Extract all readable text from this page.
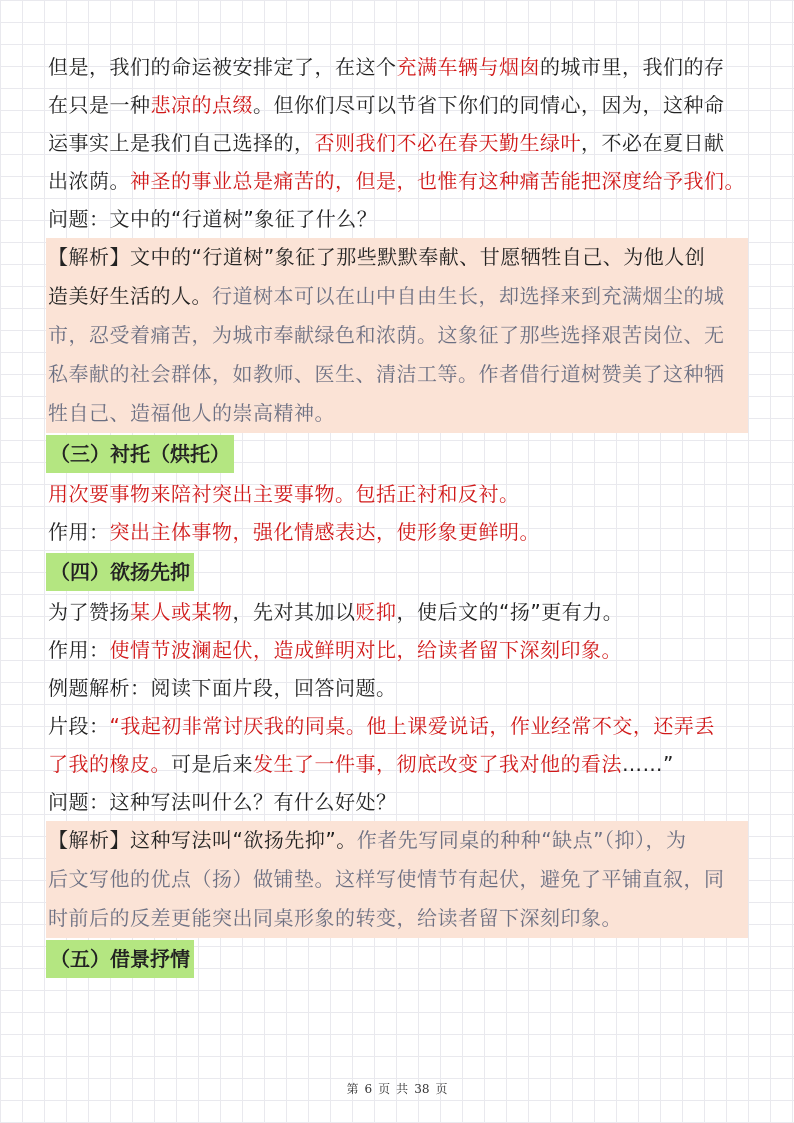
但是，我们的命运被安排定了，在这个充满车辆与烟囱的城市里，我们的存
在只是一种悲凉的点缀。但你们尽可以节省下你们的同情心，因为，这种命
运事实上是我们自己选择的，否则我们不必在春天勤生绿叶，不必在夏日献
出浓荫。神圣的事业总是痛苦的，但是，也惟有这种痛苦能把深度给予我们。
问题：文中的“行道树”象征了什么？
【解析】文中的“行道树”象征了那些默默奉献、甘愿牺牲自己、为他人创
造美好生活的人。行道树本可以在山中自由生长，却选择来到充满烟尘的城
市，忍受着痛苦，为城市奉献绿色和浓荫。这象征了那些选择艰苦岗位、无
私奉献的社会群体，如教师、医生、清洁工等。作者借行道树赞美了这种牺
牲自己、造福他人的崇高精神。
（三）衬托（烘托）
用次要事物来陪衬突出主要事物。包括正衬和反衬。
作用：突出主体事物，强化情感表达，使形象更鲜明。
（四）欲扬先抑
为了赞扬某人或某物，先对其加以贬抑，使后文的“扬”更有力。
作用：使情节波澜起伏，造成鲜明对比，给读者留下深刻印象。
例题解析：阅读下面片段，回答问题。
片段：“我起初非常讨厌我的同桌。他上课爱说话，作业经常不交，还弄丢
了我的橡皮。可是后来发生了一件事，彻底改变了我对他的看法……”
问题：这种写法叫什么？有什么好处？
【解析】这种写法叫“欲扬先抑”。作者先写同桌的种种“缺点”（抑），为
后文写他的优点（扬）做铺垫。这样写使情节有起伏，避免了平铺直叙，同
时前后的反差更能突出同桌形象的转变，给读者留下深刻印象。
（五）借景抒情
第 6 页 共 38 页
